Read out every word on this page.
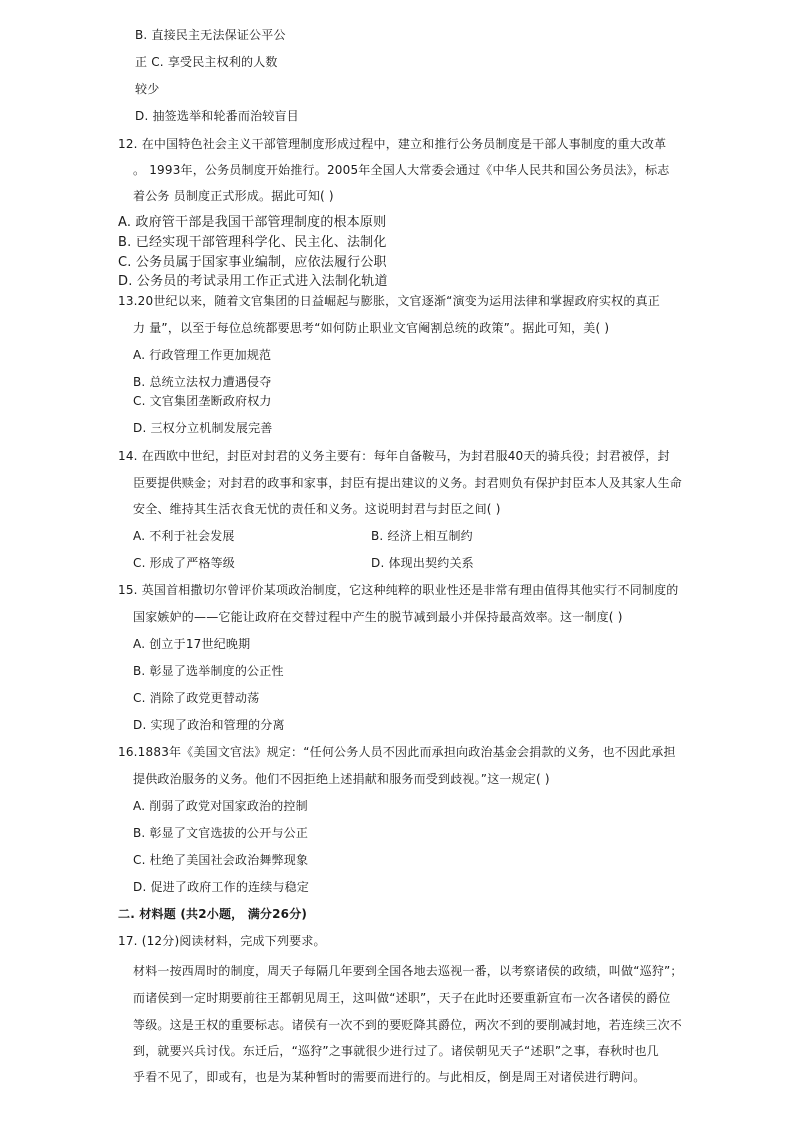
B. 直接民主无法保证公平公
正 C. 享受民主权利的人数
较少
D. 抽签选举和轮番而治较盲目
12. 在中国特色社会主义干部管理制度形成过程中，建立和推行公务员制度是干部人事制度的重大改革
。 1993年，公务员制度开始推行。2005年全国人大常委会通过《中华人民共和国公务员法》，标志
着公务 员制度正式形成。据此可知( )
A. 政府管干部是我国干部管理制度的根本原则
B. 已经实现干部管理科学化、民主化、法制化
C. 公务员属于国家事业编制，应依法履行公职
D. 公务员的考试录用工作正式进入法制化轨道
13.20世纪以来，随着文官集团的日益崛起与膨胀，文官逐渐“演变为运用法律和掌握政府实权的真正
力 量”，以至于每位总统都要思考“如何防止职业文官阉割总统的政策”。据此可知，美( )
A. 行政管理工作更加规范
B. 总统立法权力遭遇侵夺
C. 文官集团垄断政府权力
D. 三权分立机制发展完善
14. 在西欧中世纪，封臣对封君的义务主要有：每年自备鞍马，为封君服40天的骑兵役；封君被俘，封
臣要提供赎金；对封君的政事和家事，封臣有提出建议的义务。封君则负有保护封臣本人及其家人生命
安全、维持其生活衣食无忧的责任和义务。这说明封君与封臣之间( )
A. 不利于社会发展	B. 经济上相互制约
C. 形成了严格等级	D. 体现出契约关系
15. 英国首相撒切尔曾评价某项政治制度，它这种纯粹的职业性还是非常有理由值得其他实行不同制度的
国家嫉妒的——它能让政府在交替过程中产生的脱节减到最小并保持最高效率。这一制度( )
A. 创立于17世纪晚期
B. 彰显了选举制度的公正性
C. 消除了政党更替动荡
D. 实现了政治和管理的分离
16.1883年《美国文官法》规定：“任何公务人员不因此而承担向政治基金会捐款的义务，也不因此承担
提供政治服务的义务。他们不因拒绝上述捐献和服务而受到歧视。”这一规定( )
A. 削弱了政党对国家政治的控制
B. 彰显了文官选拔的公开与公正
C. 杜绝了美国社会政治舞弊现象
D. 促进了政府工作的连续与稳定
二. 材料题 (共2小题， 满分26分)
17. (12分)阅读材料，完成下列要求。
材料一按西周时的制度，周天子每隔几年要到全国各地去巡视一番，以考察诸侯的政绩，叫做“巡狩”；
而诸侯到一定时期要前往王都朝见周王，这叫做“述职”，天子在此时还要重新宣布一次各诸侯的爵位
等级。这是王权的重要标志。诸侯有一次不到的要贬降其爵位，两次不到的要削减封地，若连续三次不
到，就要兴兵讨伐。东迁后，“巡狩”之事就很少进行过了。诸侯朝见天子“述职”之事，春秋时也几
乎看不见了，即或有，也是为某种暂时的需要而进行的。与此相反，倒是周王对诸侯进行聘问。
